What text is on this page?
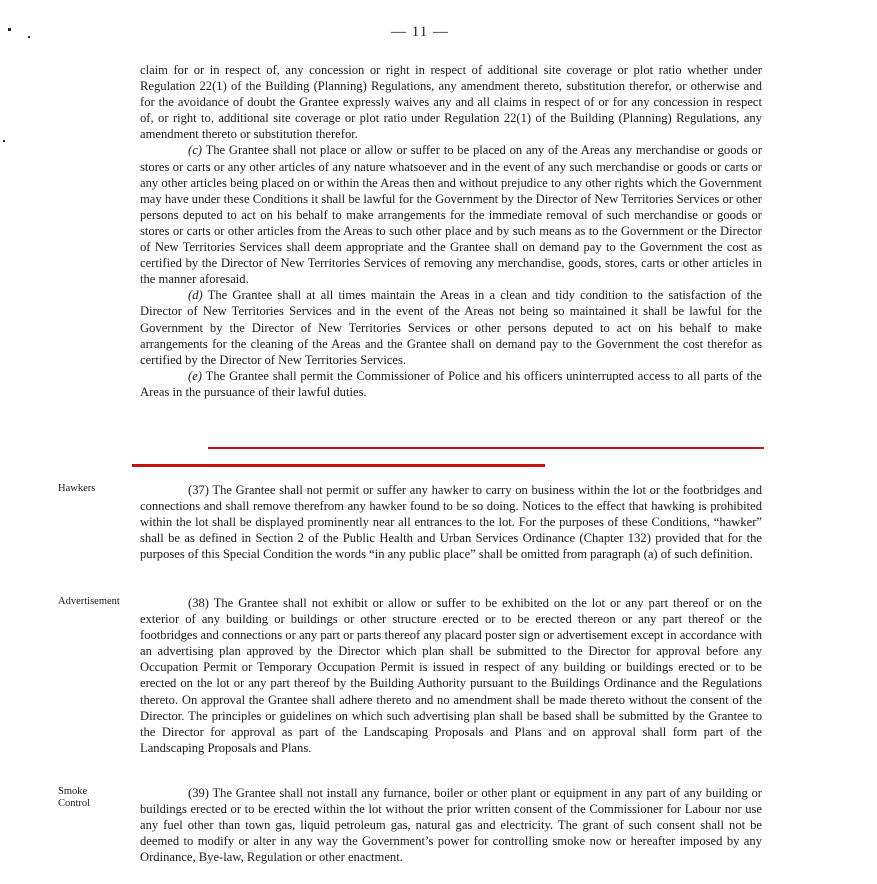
— 11 —

claim for or in respect of, any concession or right in respect of additional site coverage or plot ratio whether under Regulation 22(1) of the Building (Planning) Regulations, any amendment thereto, substitution therefor, or otherwise and for the avoidance of doubt the Grantee expressly waives any and all claims in respect of or for any concession in respect of, or right to, additional site coverage or plot ratio under Regulation 22(1) of the Building (Planning) Regulations, any amendment thereto or substitution therefor.

(c) The Grantee shall not place or allow or suffer to be placed on any of the Areas any merchandise or goods or stores or carts or any other articles of any nature whatsoever and in the event of any such merchandise or goods or carts or any other articles being placed on or within the Areas then and without prejudice to any other rights which the Government may have under these Conditions it shall be lawful for the Government by the Director of New Territories Services or other persons deputed to act on his behalf to make arrangements for the immediate removal of such merchandise or goods or stores or carts or other articles from the Areas to such other place and by such means as to the Government or the Director of New Territories Services shall deem appropriate and the Grantee shall on demand pay to the Government the cost as certified by the Director of New Territories Services of removing any merchandise, goods, stores, carts or other articles in the manner aforesaid.

(d) The Grantee shall at all times maintain the Areas in a clean and tidy condition to the satisfaction of the Director of New Territories Services and in the event of the Areas not being so maintained it shall be lawful for the Government by the Director of New Territories Services or other persons deputed to act on his behalf to make arrangements for the cleaning of the Areas and the Grantee shall on demand pay to the Government the cost therefor as certified by the Director of New Territories Services.

(e) The Grantee shall permit the Commissioner of Police and his officers uninterrupted access to all parts of the Areas in the pursuance of their lawful duties.

Hawkers	(37) The Grantee shall not permit or suffer any hawker to carry on business within the lot or the footbridges and connections and shall remove therefrom any hawker found to be so doing. Notices to the effect that hawking is prohibited within the lot shall be displayed prominently near all entrances to the lot. For the purposes of these Conditions, “hawker” shall be as defined in Section 2 of the Public Health and Urban Services Ordinance (Chapter 132) provided that for the purposes of this Special Condition the words “in any public place” shall be omitted from paragraph (a) of such definition.

Advertisement	(38) The Grantee shall not exhibit or allow or suffer to be exhibited on the lot or any part thereof or on the exterior of any building or buildings or other structure erected or to be erected thereon or any part thereof or the footbridges and connections or any part or parts thereof any placard poster sign or advertisement except in accordance with an advertising plan approved by the Director which plan shall be submitted to the Director for approval before any Occupation Permit or Temporary Occupation Permit is issued in respect of any building or buildings erected or to be erected on the lot or any part thereof by the Building Authority pursuant to the Buildings Ordinance and the Regulations thereto. On approval the Grantee shall adhere thereto and no amendment shall be made thereto without the consent of the Director. The principles or guidelines on which such advertising plan shall be based shall be submitted by the Grantee to the Director for approval as part of the Landscaping Proposals and Plans and on approval shall form part of the Landscaping Proposals and Plans.

Smoke Control

(39) The Grantee shall not install any furnance, boiler or other plant or equipment in any part of any building or buildings erected or to be erected within the lot without the prior written consent of the Commissioner for Labour nor use any fuel other than town gas, liquid petroleum gas, natural gas and electricity. The grant of such consent shall not be deemed to modify or alter in any way the Government’s power for controlling smoke now or hereafter imposed by any Ordinance, Bye-law, Regulation or other enactment.
